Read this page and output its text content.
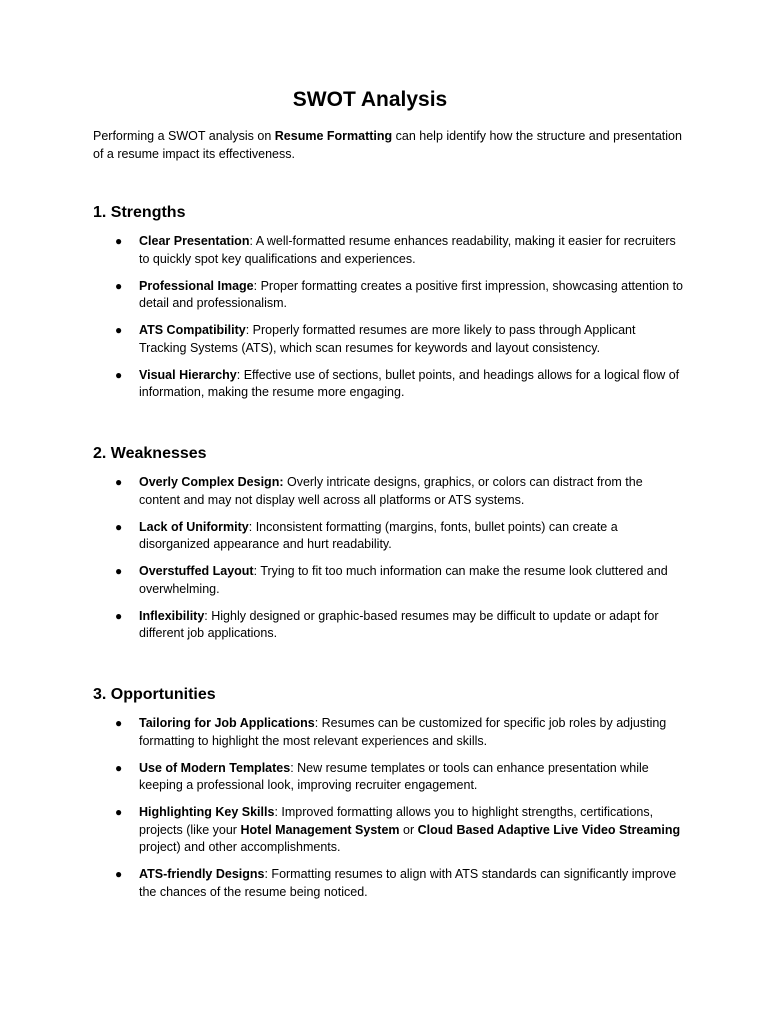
SWOT Analysis
Performing a SWOT analysis on Resume Formatting can help identify how the structure and presentation of a resume impact its effectiveness.
1. Strengths
● Clear Presentation: A well-formatted resume enhances readability, making it easier for recruiters to quickly spot key qualifications and experiences.
● Professional Image: Proper formatting creates a positive first impression, showcasing attention to detail and professionalism.
● ATS Compatibility: Properly formatted resumes are more likely to pass through Applicant Tracking Systems (ATS), which scan resumes for keywords and layout consistency.
● Visual Hierarchy: Effective use of sections, bullet points, and headings allows for a logical flow of information, making the resume more engaging.
2. Weaknesses
● Overly Complex Design: Overly intricate designs, graphics, or colors can distract from the content and may not display well across all platforms or ATS systems.
● Lack of Uniformity: Inconsistent formatting (margins, fonts, bullet points) can create a disorganized appearance and hurt readability.
● Overstuffed Layout: Trying to fit too much information can make the resume look cluttered and overwhelming.
● Inflexibility: Highly designed or graphic-based resumes may be difficult to update or adapt for different job applications.
3. Opportunities
● Tailoring for Job Applications: Resumes can be customized for specific job roles by adjusting formatting to highlight the most relevant experiences and skills.
● Use of Modern Templates: New resume templates or tools can enhance presentation while keeping a professional look, improving recruiter engagement.
● Highlighting Key Skills: Improved formatting allows you to highlight strengths, certifications, projects (like your Hotel Management System or Cloud Based Adaptive Live Video Streaming project) and other accomplishments.
● ATS-friendly Designs: Formatting resumes to align with ATS standards can significantly improve the chances of the resume being noticed.
